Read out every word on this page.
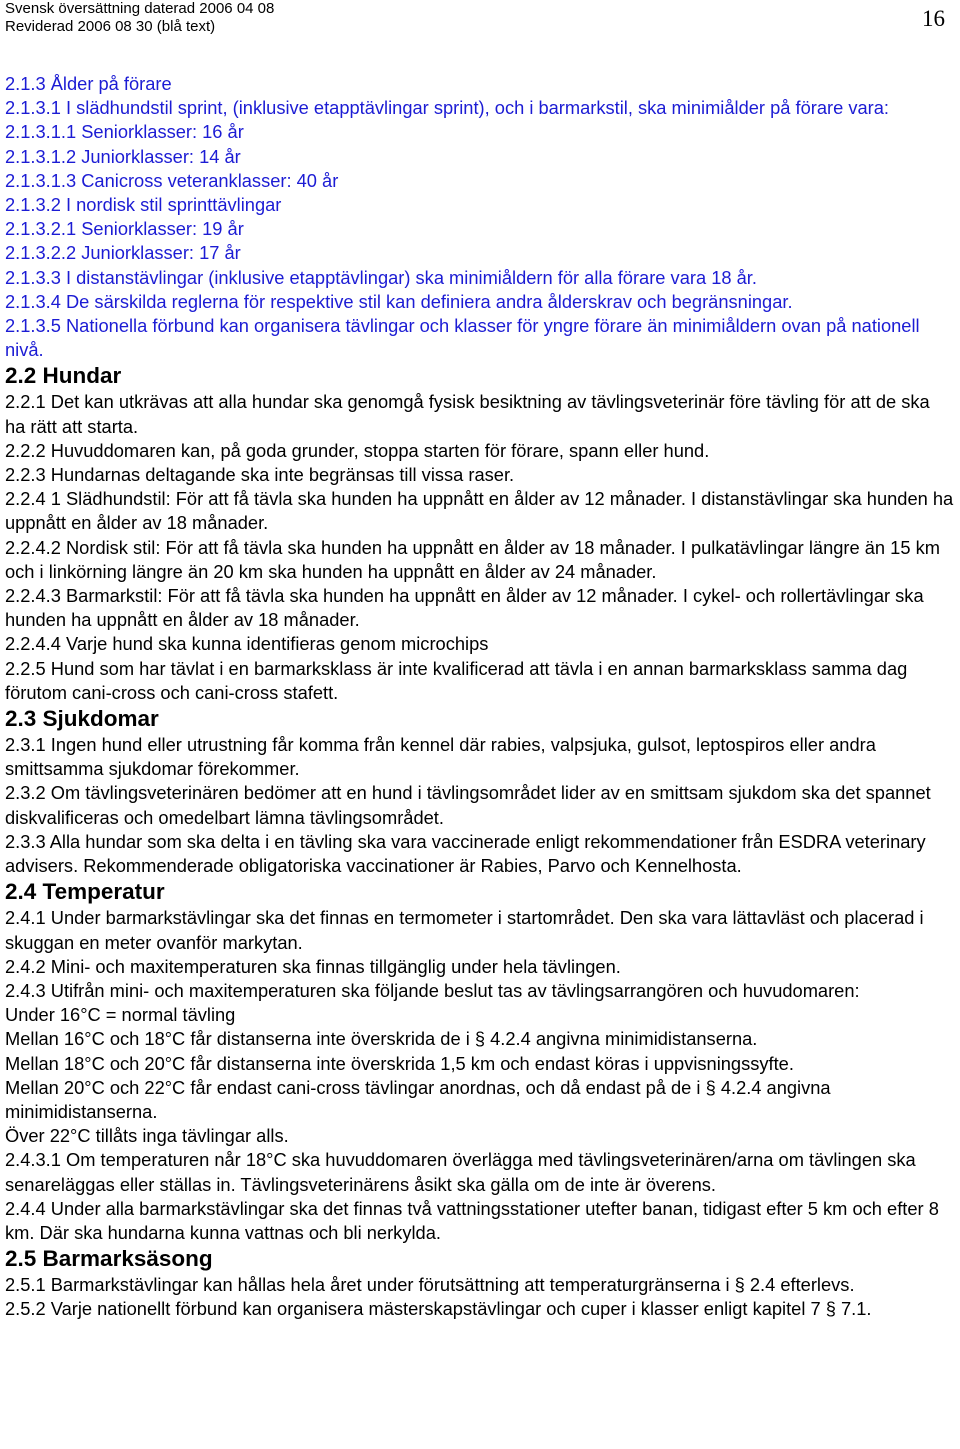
Svensk översättning daterad 2006 04 08
Reviderad 2006 08 30 (blå text)	16
2.1.3 Ålder på förare
2.1.3.1 I slädhundstil sprint, (inklusive etapptävlingar sprint), och i barmarkstil, ska minimiålder på förare vara:
2.1.3.1.1 Seniorklasser: 16 år
2.1.3.1.2 Juniorklasser: 14 år
2.1.3.1.3 Canicross veteranklasser: 40 år
2.1.3.2 I nordisk stil sprinttävlingar
2.1.3.2.1 Seniorklasser: 19 år
2.1.3.2.2 Juniorklasser: 17 år
2.1.3.3 I distanstävlingar (inklusive etapptävlingar) ska minimiåldern för alla förare vara 18 år.
2.1.3.4 De särskilda reglerna för respektive stil kan definiera andra ålderskrav och begränsningar.
2.1.3.5 Nationella förbund kan organisera tävlingar och klasser för yngre förare än minimiåldern ovan på nationell nivå.
2.2 Hundar
2.2.1 Det kan utkrävas att alla hundar ska genomgå fysisk besiktning av tävlingsveterinär före tävling för att de ska ha rätt att starta.
2.2.2 Huvuddomaren kan, på goda grunder, stoppa starten för förare, spann eller hund.
2.2.3 Hundarnas deltagande ska inte begränsas till vissa raser.
2.2.4 1 Slädhundstil: För att få tävla ska hunden ha uppnått en ålder av 12 månader. I distanstävlingar ska hunden ha uppnått en ålder av 18 månader.
2.2.4.2 Nordisk stil: För att få tävla ska hunden ha uppnått en ålder av 18 månader. I pulkatävlingar längre än 15 km och i linkörning längre än 20 km ska hunden ha uppnått en ålder av 24 månader.
2.2.4.3 Barmarkstil: För att få tävla ska hunden ha uppnått en ålder av 12 månader. I cykel- och rollertävlingar ska hunden ha uppnått en ålder av 18 månader.
2.2.4.4 Varje hund ska kunna identifieras genom microchips
2.2.5 Hund som har tävlat i en barmarksklass är inte kvalificerad att tävla i en annan barmarksklass samma dag förutom cani-cross och cani-cross stafett.
2.3 Sjukdomar
2.3.1 Ingen hund eller utrustning får komma från kennel där rabies, valpsjuka, gulsot, leptospiros eller andra smittsamma sjukdomar förekommer.
2.3.2 Om tävlingsveterinären bedömer att en hund i tävlingsområdet lider av en smittsam sjukdom ska det spannet diskvalificeras och omedelbart lämna tävlingsområdet.
2.3.3 Alla hundar som ska delta i en tävling ska vara vaccinerade enligt rekommendationer från ESDRA veterinary advisers. Rekommenderade obligatoriska vaccinationer är Rabies, Parvo och Kennelhosta.
2.4 Temperatur
2.4.1 Under barmarkstävlingar ska det finnas en termometer i startområdet. Den ska vara lättavläst och placerad i skuggan en meter ovanför markytan.
2.4.2 Mini- och maxitemperaturen ska finnas tillgänglig under hela tävlingen.
2.4.3 Utifrån mini- och maxitemperaturen ska följande beslut tas av tävlingsarrangören och huvudomaren:
Under 16°C = normal tävling
Mellan 16°C och 18°C får distanserna inte överskrida de i § 4.2.4 angivna minimidistanserna.
Mellan 18°C och 20°C får distanserna inte överskrida 1,5 km och endast köras i uppvisningssyfte.
Mellan 20°C och 22°C får endast cani-cross tävlingar anordnas, och då endast på de i § 4.2.4 angivna minimidistanserna.
Över 22°C tillåts inga tävlingar alls.
2.4.3.1 Om temperaturen når 18°C ska huvuddomaren överlägga med tävlingsveterinären/arna om tävlingen ska senareläggas eller ställas in. Tävlingsveterinärens åsikt ska gälla om de inte är överens.
2.4.4 Under alla barmarkstävlingar ska det finnas två vattningsstationer utefter banan, tidigast efter 5 km och efter 8 km. Där ska hundarna kunna vattnas och bli nerkylda.
2.5 Barmarksäsong
2.5.1 Barmarkstävlingar kan hållas hela året under förutsättning att temperaturgränserna i § 2.4 efterlevs.
2.5.2 Varje nationellt förbund kan organisera mästerskapstävlingar och cuper i klasser enligt kapitel 7 § 7.1.
